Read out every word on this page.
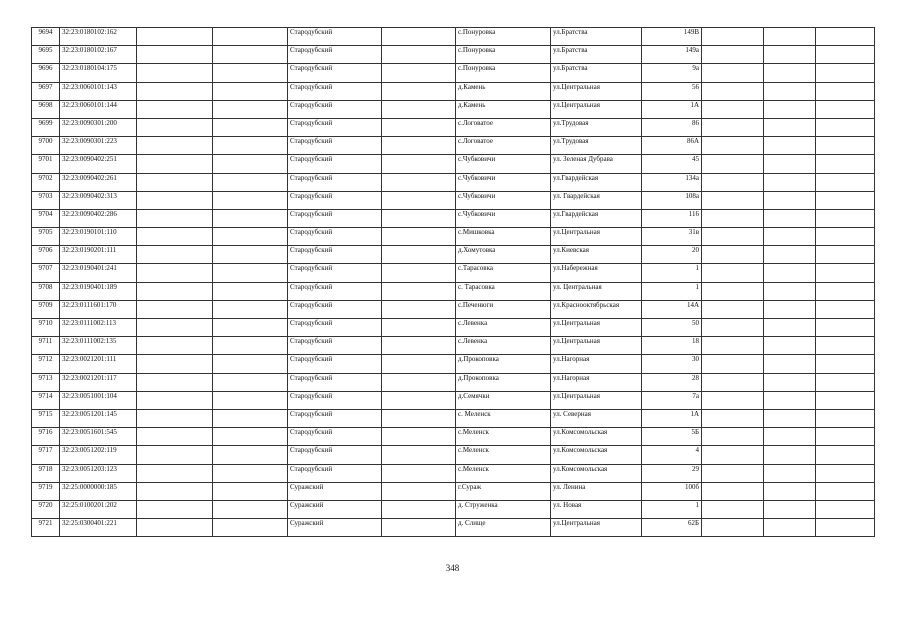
9694	32:23:0180102:162			Стародубский		с.Понуровка	ул.Братства	149В			
9695	32:23:0180102:167			Стародубский		с.Понуровка	ул.Братства	149а			
9696	32:23:0180104:175			Стародубский		с.Понуровка	ул.Братства	9а			
9697	32:23:0060101:143			Стародубский		д.Камень	ул.Центральная	56			
9698	32:23:0060101:144			Стародубский		д.Камень	ул.Центральная	1А			
9699	32:23:0090301:200			Стародубский		с.Логоватое	ул.Трудовая	86			
9700	32:23:0090301:223			Стародубский		с.Логоватое	ул.Трудовая	86А			
9701	32:23:0090402:251			Стародубский		с.Чубковичи	ул. Зеленая Дубрава	45			
9702	32:23:0090402:261			Стародубский		с.Чубковичи	ул.Гвардейская	134а			
9703	32:23:0090402:313			Стародубский		с.Чубковичи	ул. Гвардейская	108а			
9704	32:23:0090402:286			Стародубский		с.Чубковичи	ул.Гвардейская	116			
9705	32:23:0190101:110			Стародубский		с.Мишковка	ул.Центральная	31в			
9706	32:23:0190201:111			Стародубский		д.Хомутовка	ул.Киевская	20			
9707	32:23:0190401:241			Стародубский		с.Тарасовка	ул.Набережная	1			
9708	32:23:0190401:189			Стародубский		с. Тарасовка	ул. Центральная	1			
9709	32:23:0111601:170			Стародубский		с.Печенюги	ул.Краснооктябрьская	14А			
9710	32:23:0111002:113			Стародубский		с.Левенка	ул.Центральная	50			
9711	32:23:0111002:135			Стародубский		с.Левенка	ул.Центральная	18			
9712	32:23:0021201:111			Стародубский		д.Прокоповка	ул.Нагорная	30			
9713	32:23:0021201:117			Стародубский		д.Прокоповка	ул.Нагорная	28			
9714	32:23:0051001:104			Стародубский		д.Семячки	ул.Центральная	7а			
9715	32:23:0051201:145			Стародубский		с. Меленск	ул. Северная	1А			
9716	32:23:0051601:545			Стародубский		с.Меленск	ул.Комсомольская	5Б			
9717	32:23:0051202:119			Стародубский		с.Меленск	ул.Комсомольская	4			
9718	32:23:0051203:123			Стародубский		с.Меленск	ул.Комсомольская	29			
9719	32:25:0000000:185			Суражский		г.Сураж	ул. Ленина	100б			
9720	32:25:0100201:202			Суражский		д. Струженка	ул. Новая	1			
9721	32:25:0300401:221			Суражский		д. Слище	ул.Центральная	62Б			
348
